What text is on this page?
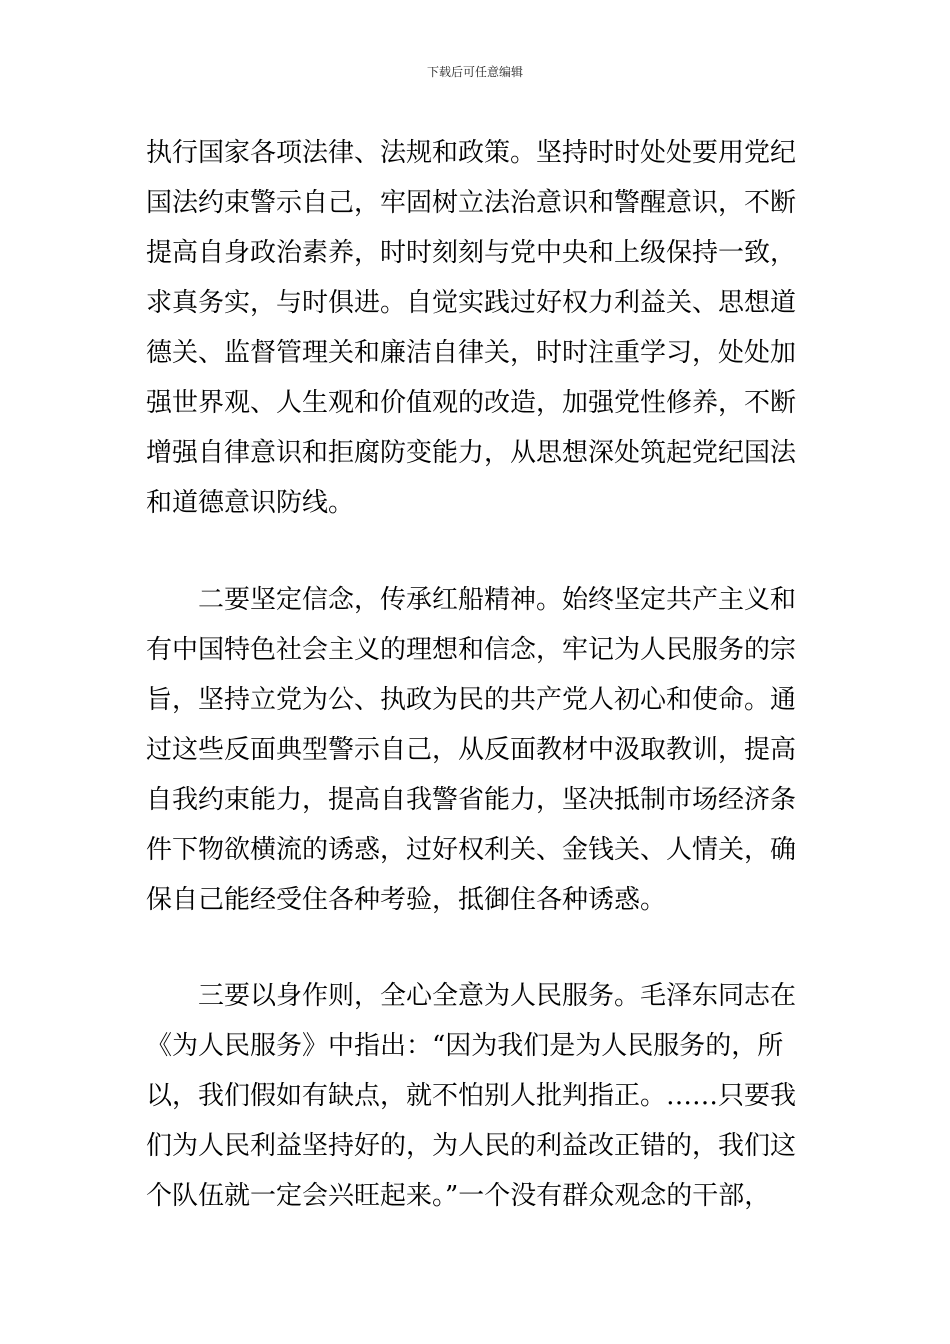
下载后可任意编辑
执行国家各项法律、法规和政策。坚持时时处处要用党纪
国法约束警示自己，牢固树立法治意识和警醒意识，不断
提高自身政治素养，时时刻刻与党中央和上级保持一致，
求真务实，与时俱进。自觉实践过好权力利益关、思想道
德关、监督管理关和廉洁自律关，时时注重学习，处处加
强世界观、人生观和价值观的改造，加强党性修养，不断
增强自律意识和拒腐防变能力，从思想深处筑起党纪国法
和道德意识防线。
二要坚定信念，传承红船精神。始终坚定共产主义和
有中国特色社会主义的理想和信念，牢记为人民服务的宗
旨，坚持立党为公、执政为民的共产党人初心和使命。通
过这些反面典型警示自己，从反面教材中汲取教训，提高
自我约束能力，提高自我警省能力，坚决抵制市场经济条
件下物欲横流的诱惑，过好权利关、金钱关、人情关，确
保自己能经受住各种考验，抵御住各种诱惑。
三要以身作则，全心全意为人民服务。毛泽东同志在
《为人民服务》中指出：“因为我们是为人民服务的，所
以，我们假如有缺点，就不怕别人批判指正。……只要我
们为人民利益坚持好的，为人民的利益改正错的，我们这
个队伍就一定会兴旺起来。”一个没有群众观念的干部，
